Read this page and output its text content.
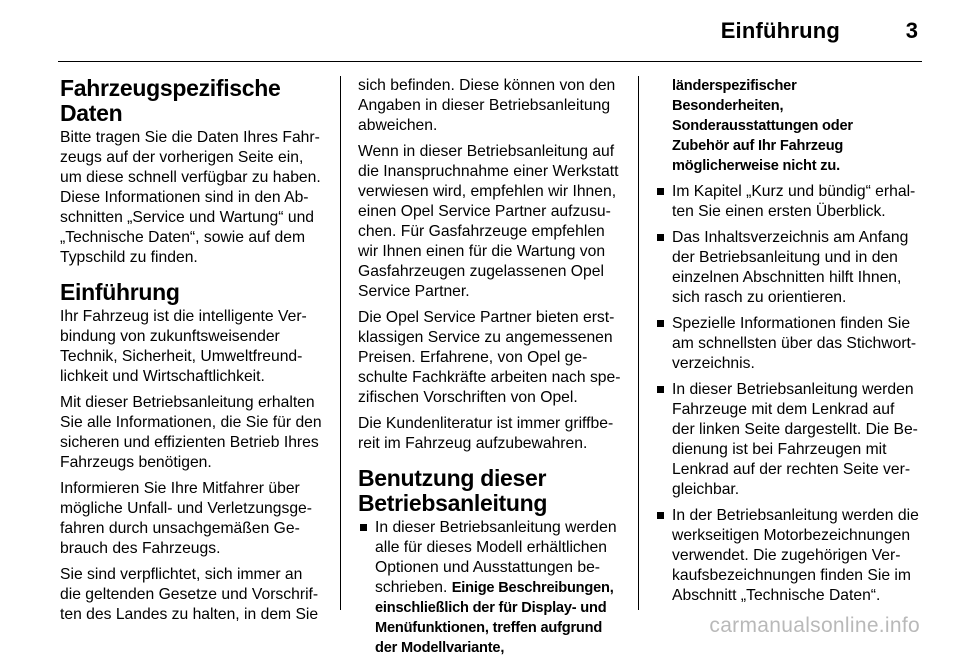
Einführung	3
Fahrzeugspezifische
Daten

Bitte tragen Sie die Daten Ihres Fahr-
zeugs auf der vorherigen Seite ein,
um diese schnell verfügbar zu haben.
Diese Informationen sind in den Ab-
schnitten „Service und Wartung“ und
„Technische Daten“, sowie auf dem
Typschild zu finden.

Einführung

Ihr Fahrzeug ist die intelligente Ver-
bindung von zukunftsweisender
Technik, Sicherheit, Umweltfreund-
lichkeit und Wirtschaftlichkeit.

Mit dieser Betriebsanleitung erhalten
Sie alle Informationen, die Sie für den
sicheren und effizienten Betrieb Ihres
Fahrzeugs benötigen.

Informieren Sie Ihre Mitfahrer über
mögliche Unfall- und Verletzungsge-
fahren durch unsachgemäßen Ge-
brauch des Fahrzeugs.

Sie sind verpflichtet, sich immer an
die geltenden Gesetze und Vorschrif-
ten des Landes zu halten, in dem Sie

sich befinden. Diese können von den
Angaben in dieser Betriebsanleitung
abweichen.

Wenn in dieser Betriebsanleitung auf
die Inanspruchnahme einer Werkstatt
verwiesen wird, empfehlen wir Ihnen,
einen Opel Service Partner aufzusu-
chen. Für Gasfahrzeuge empfehlen
wir Ihnen einen für die Wartung von
Gasfahrzeugen zugelassenen Opel
Service Partner.

Die Opel Service Partner bieten erst-
klassigen Service zu angemessenen
Preisen. Erfahrene, von Opel ge-
schulte Fachkräfte arbeiten nach spe-
zifischen Vorschriften von Opel.

Die Kundenliteratur ist immer griffbe-
reit im Fahrzeug aufzubewahren.

Benutzung dieser
Betriebsanleitung
In dieser Betriebsanleitung werden
alle für dieses Modell erhältlichen
Optionen und Ausstattungen be-
schrieben. Einige Beschreibungen,
einschließlich der für Display- und
Menüfunktionen, treffen aufgrund
der Modellvariante,
länderspezifischer
Besonderheiten,
Sonderausstattungen oder
Zubehör auf Ihr Fahrzeug
möglicherweise nicht zu.
Im Kapitel „Kurz und bündig“ erhal-
ten Sie einen ersten Überblick.
Das Inhaltsverzeichnis am Anfang
der Betriebsanleitung und in den
einzelnen Abschnitten hilft Ihnen,
sich rasch zu orientieren.
Spezielle Informationen finden Sie
am schnellsten über das Stichwort-
verzeichnis.
In dieser Betriebsanleitung werden
Fahrzeuge mit dem Lenkrad auf
der linken Seite dargestellt. Die Be-
dienung ist bei Fahrzeugen mit
Lenkrad auf der rechten Seite ver-
gleichbar.
In der Betriebsanleitung werden die
werkseitigen Motorbezeichnungen
verwendet. Die zugehörigen Ver-
kaufsbezeichnungen finden Sie im
Abschnitt „Technische Daten“.
carmanualsonline.info
